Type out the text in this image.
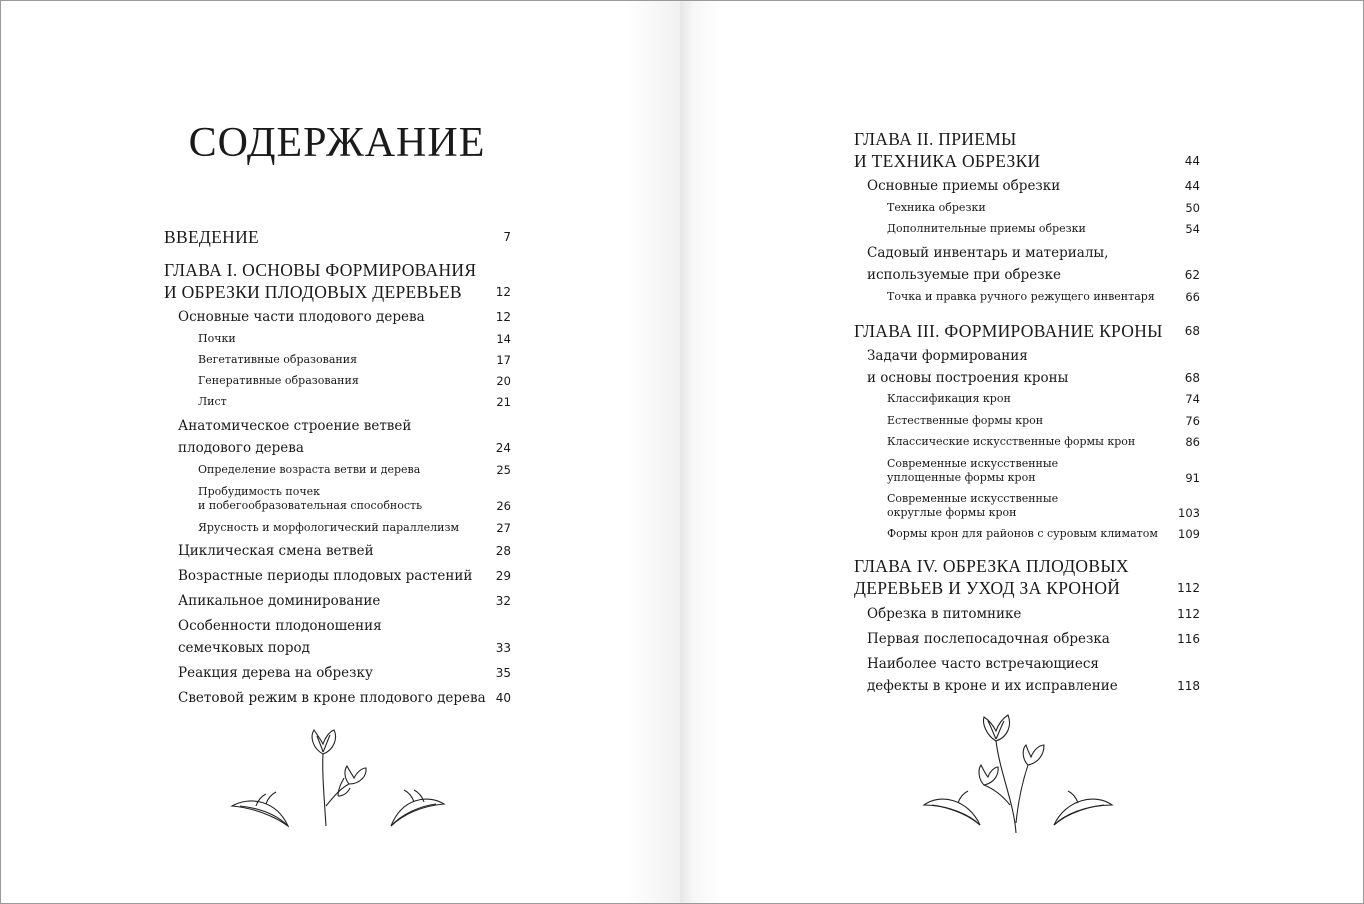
СОДЕРЖАНИЕ
ВВЕДЕНИЕ	7
ГЛАВА I. ОСНОВЫ ФОРМИРОВАНИЯ
И ОБРЕЗКИ ПЛОДОВЫХ ДЕРЕВЬЕВ	12
Основные части плодового дерева	12
Почки	14
Вегетативные образования	17
Генеративные образования	20
Лист	21
Анатомическое строение ветвей
плодового дерева	24
Определение возраста ветви и дерева	25
Пробудимость почек
и побегообразовательная способность	26
Ярусность и морфологический параллелизм	27
Циклическая смена ветвей	28
Возрастные периоды плодовых растений	29
Апикальное доминирование	32
Особенности плодоношения
семечковых пород	33
Реакция дерева на обрезку	35
Световой режим в кроне плодового дерева 40
ГЛАВА II. ПРИЕМЫ
И ТЕХНИКА ОБРЕЗКИ	44
Основные приемы обрезки	44
Техника обрезки	50
Дополнительные приемы обрезки	54
Садовый инвентарь и материалы,
используемые при обрезке	62
Точка и правка ручного режущего инвентаря	66
ГЛАВА III. ФОРМИРОВАНИЕ КРОНЫ	68
Задачи формирования
и основы построения кроны	68
Классификация крон	74
Естественные формы крон	76
Классические искусственные формы крон	86
Современные искусственные
уплощенные формы крон	91
Современные искусственные
округлые формы крон	103
Формы крон для районов с суровым климатом	109
ГЛАВА IV. ОБРЕЗКА ПЛОДОВЫХ
ДЕРЕВЬЕВ И УХОД ЗА КРОНОЙ	112
Обрезка в питомнике	112
Первая послепосадочная обрезка	116
Наиболее часто встречающиеся
дефекты в кроне и их исправление	118
